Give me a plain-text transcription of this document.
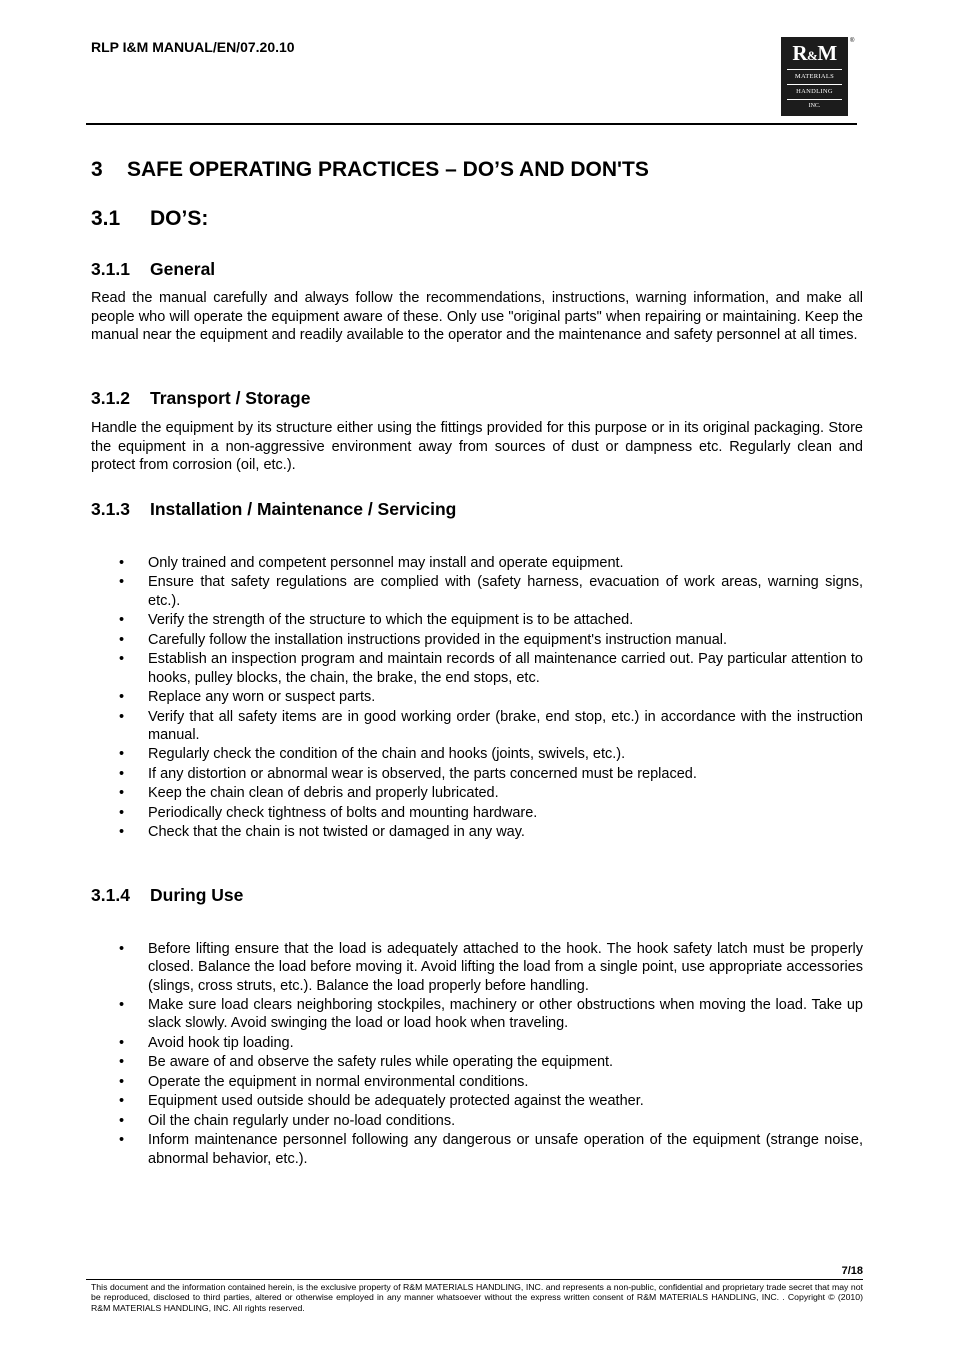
RLP I&M MANUAL/EN/07.20.10	R&M
MATERIALS
HANDLING
INC.
®
3 SAFE OPERATING PRACTICES – DO’S AND DON'TS
3.1 DO’S:
3.1.1 General

Read the manual carefully and always follow the recommendations, instructions, warning information, and make all people who will operate the equipment aware of these. Only use "original parts" when repairing or maintaining. Keep the manual near the equipment and readily available to the operator and the maintenance and safety personnel at all times.

3.1.2 Transport / Storage

Handle the equipment by its structure either using the fittings provided for this purpose or in its original packaging. Store the equipment in a non-aggressive environment away from sources of dust or dampness etc. Regularly clean and protect from corrosion (oil, etc.).

3.1.3 Installation / Maintenance / Servicing
• Only trained and competent personnel may install and operate equipment.
• Ensure that safety regulations are complied with (safety harness, evacuation of work areas, warning signs, etc.).
• Verify the strength of the structure to which the equipment is to be attached.
• Carefully follow the installation instructions provided in the equipment's instruction manual.
• Establish an inspection program and maintain records of all maintenance carried out. Pay particular attention to hooks, pulley blocks, the chain, the brake, the end stops, etc.
• Replace any worn or suspect parts.
• Verify that all safety items are in good working order (brake, end stop, etc.) in accordance with the instruction manual.
• Regularly check the condition of the chain and hooks (joints, swivels, etc.).
• If any distortion or abnormal wear is observed, the parts concerned must be replaced.
• Keep the chain clean of debris and properly lubricated.
• Periodically check tightness of bolts and mounting hardware.
• Check that the chain is not twisted or damaged in any way.
3.1.4 During Use
• Before lifting ensure that the load is adequately attached to the hook. The hook safety latch must be properly closed. Balance the load before moving it. Avoid lifting the load from a single point, use appropriate accessories (slings, cross struts, etc.). Balance the load properly before handling.
• Make sure load clears neighboring stockpiles, machinery or other obstructions when moving the load. Take up slack slowly. Avoid swinging the load or load hook when traveling.
• Avoid hook tip loading.
• Be aware of and observe the safety rules while operating the equipment.
• Operate the equipment in normal environmental conditions.
• Equipment used outside should be adequately protected against the weather.
• Oil the chain regularly under no-load conditions.
• Inform maintenance personnel following any dangerous or unsafe operation of the equipment (strange noise, abnormal behavior, etc.).
7/18

This document and the information contained herein, is the exclusive property of R&M MATERIALS HANDLING, INC. and represents a non-public, confidential and proprietary trade secret that may not be reproduced, disclosed to third parties, altered or otherwise employed in any manner whatsoever without the express written consent of R&M MATERIALS HANDLING, INC. . Copyright © (2010) R&M MATERIALS HANDLING, INC. All rights reserved.
